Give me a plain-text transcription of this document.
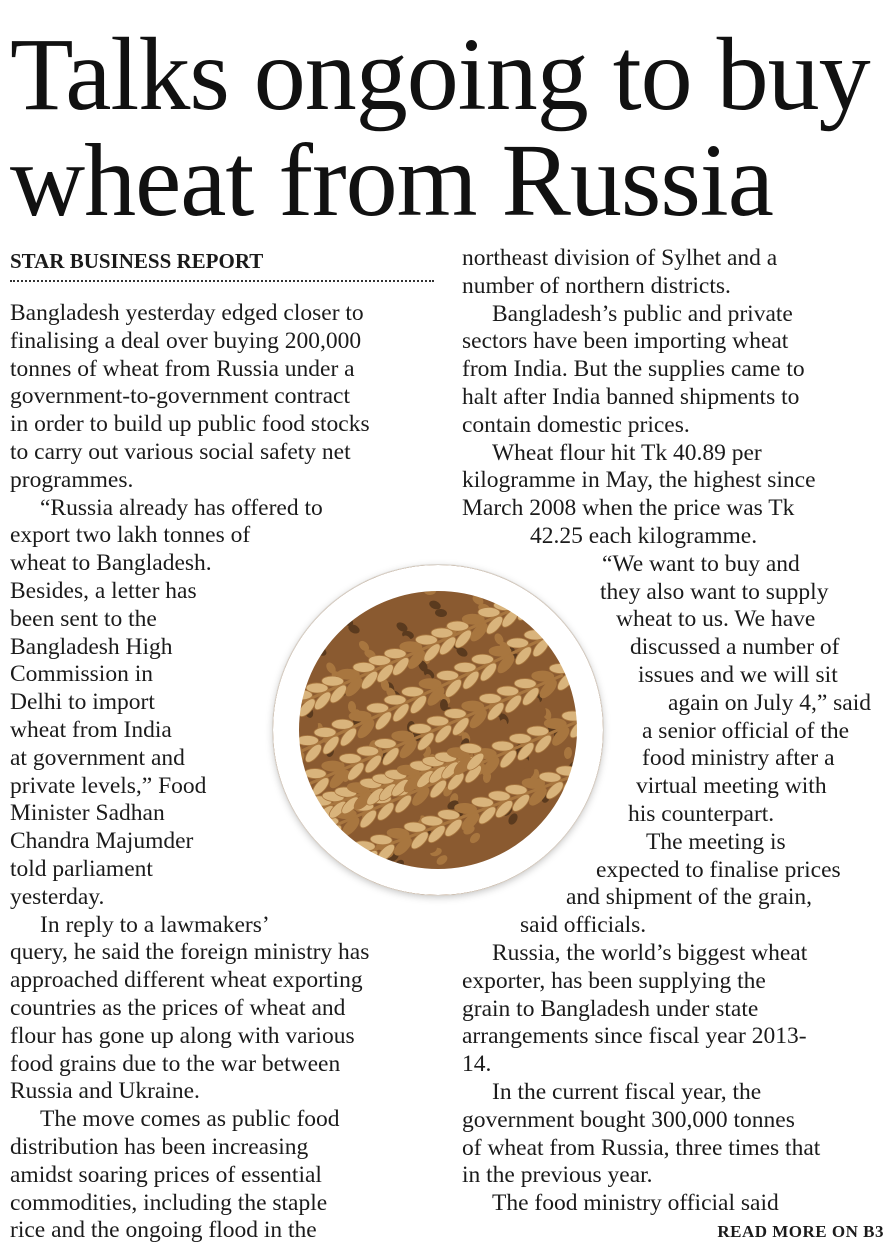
Talks ongoing to buy
wheat from Russia
STAR BUSINESS REPORT
Bangladesh yesterday edged closer to
finalising a deal over buying 200,000
tonnes of wheat from Russia under a
government-to-government contract
in order to build up public food stocks
to carry out various social safety net
programmes.
“Russia already has offered to
export two lakh tonnes of
wheat to Bangladesh.
Besides, a letter has
been sent to the
Bangladesh High
Commission in
Delhi to import
wheat from India
at government and
private levels,” Food
Minister Sadhan
Chandra Majumder
told parliament
yesterday.
In reply to a lawmakers’
query, he said the foreign ministry has
approached different wheat exporting
countries as the prices of wheat and
flour has gone up along with various
food grains due to the war between
Russia and Ukraine.
The move comes as public food
distribution has been increasing
amidst soaring prices of essential
commodities, including the staple
rice and the ongoing flood in the
northeast division of Sylhet and a
number of northern districts.
Bangladesh’s public and private
sectors have been importing wheat
from India. But the supplies came to
halt after India banned shipments to
contain domestic prices.
Wheat flour hit Tk 40.89 per
kilogramme in May, the highest since
March 2008 when the price was Tk
42.25 each kilogramme.
“We want to buy and
they also want to supply
wheat to us. We have
discussed a number of
issues and we will sit
again on July 4,” said
a senior official of the
food ministry after a
virtual meeting with
his counterpart.
The meeting is
expected to finalise prices
and shipment of the grain,
said officials.
Russia, the world’s biggest wheat
exporter, has been supplying the
grain to Bangladesh under state
arrangements since fiscal year 2013-
14.
In the current fiscal year, the
government bought 300,000 tonnes
of wheat from Russia, three times that
in the previous year.
The food ministry official said
READ MORE ON B3
